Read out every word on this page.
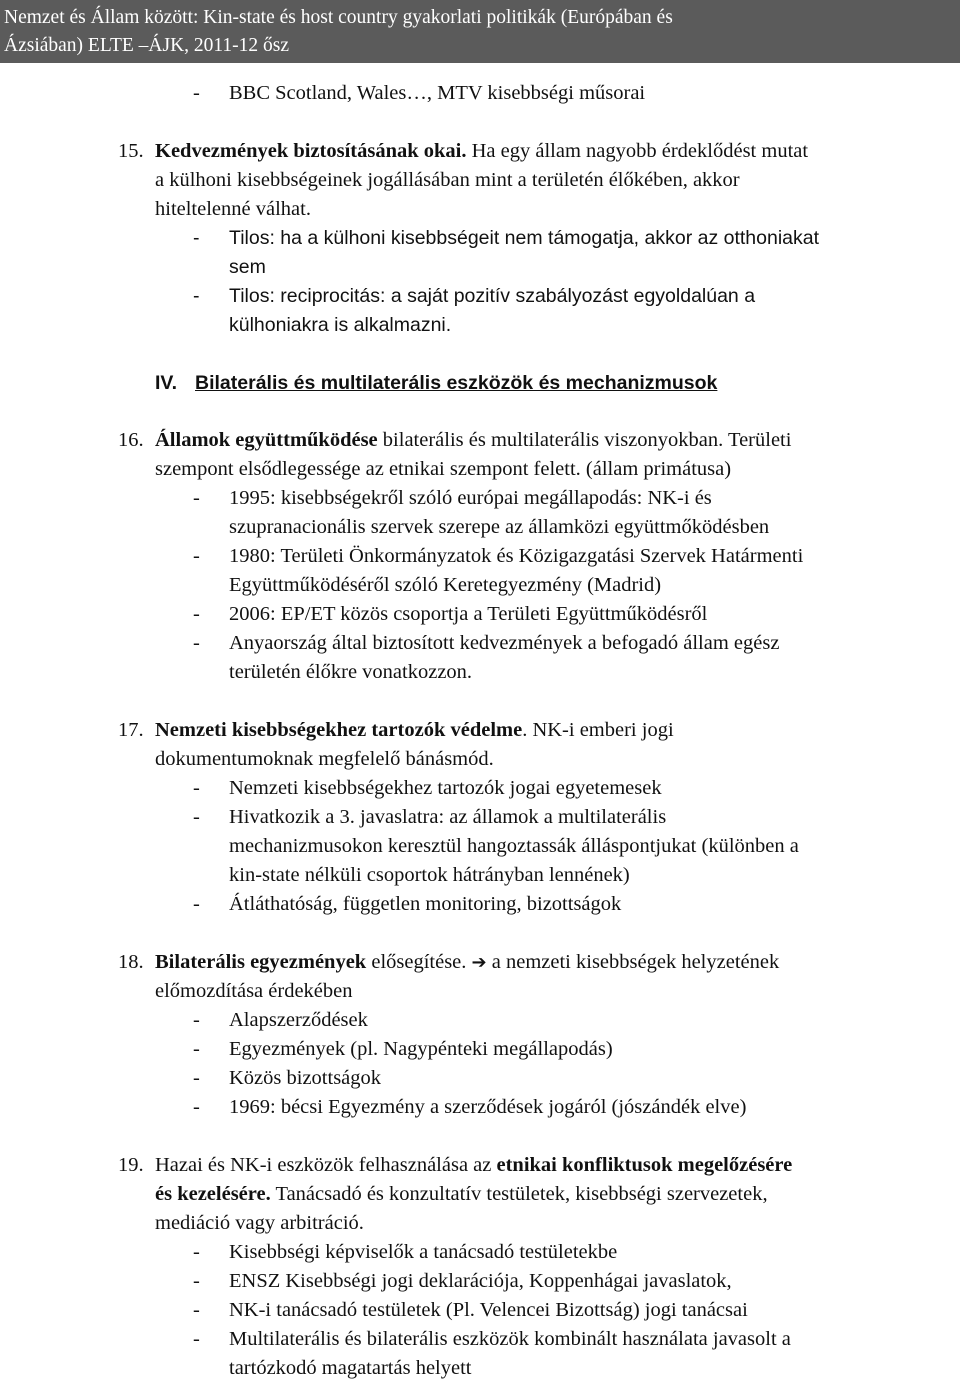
Nemzet és Állam között: Kin-state és host country gyakorlati politikák (Európában és
Ázsiában) ELTE –ÁJK, 2011-12 ősz
- BBC Scotland, Wales…, MTV kisebbségi műsorai
15. Kedvezmények biztosításának okai. Ha egy állam nagyobb érdeklődést mutat
a külhoni kisebbségeinek jogállásában mint a területén élőkében, akkor
hiteltelenné válhat.
- Tilos: ha a külhoni kisebbségeit nem támogatja, akkor az otthoniakat
sem
- Tilos: reciprocitás: a saját pozitív szabályozást egyoldalúan a
külhoniakra is alkalmazni.
IV. Bilaterális és multilaterális eszközök és mechanizmusok
16. Államok együttműködése bilaterális és multilaterális viszonyokban. Területi
szempont elsődlegessége az etnikai szempont felett. (állam primátusa)
- 1995: kisebbségekről szóló európai megállapodás: NK-i és
szupranacionális szervek szerepe az államközi együttmőködésben
- 1980: Területi Önkormányzatok és Közigazgatási Szervek Határmenti
Együttműködéséről szóló Keretegyezmény (Madrid)
- 2006: EP/ET közös csoportja a Területi Együttműködésről
- Anyaország által biztosított kedvezmények a befogadó állam egész
területén élőkre vonatkozzon.
17. Nemzeti kisebbségekhez tartozók védelme. NK-i emberi jogi
dokumentumoknak megfelelő bánásmód.
- Nemzeti kisebbségekhez tartozók jogai egyetemesek
- Hivatkozik a 3. javaslatra: az államok a multilaterális
mechanizmusokon keresztül hangoztassák álláspontjukat (különben a
kin-state nélküli csoportok hátrányban lennének)
- Átláthatóság, független monitoring, bizottságok
18. Bilaterális egyezmények elősegítése. ➔ a nemzeti kisebbségek helyzetének
előmozdítása érdekében
- Alapszerződések
- Egyezmények (pl. Nagypénteki megállapodás)
- Közös bizottságok
- 1969: bécsi Egyezmény a szerződések jogáról (jószándék elve)
19. Hazai és NK-i eszközök felhasználása az etnikai konfliktusok megelőzésére
és kezelésére. Tanácsadó és konzultatív testületek, kisebbségi szervezetek,
mediáció vagy arbitráció.
- Kisebbségi képviselők a tanácsadó testületekbe
- ENSZ Kisebbségi jogi deklarációja, Koppenhágai javaslatok,
- NK-i tanácsadó testületek (Pl. Velencei Bizottság) jogi tanácsai
- Multilaterális és bilaterális eszközök kombinált használata javasolt a
tartózkodó magatartás helyett
